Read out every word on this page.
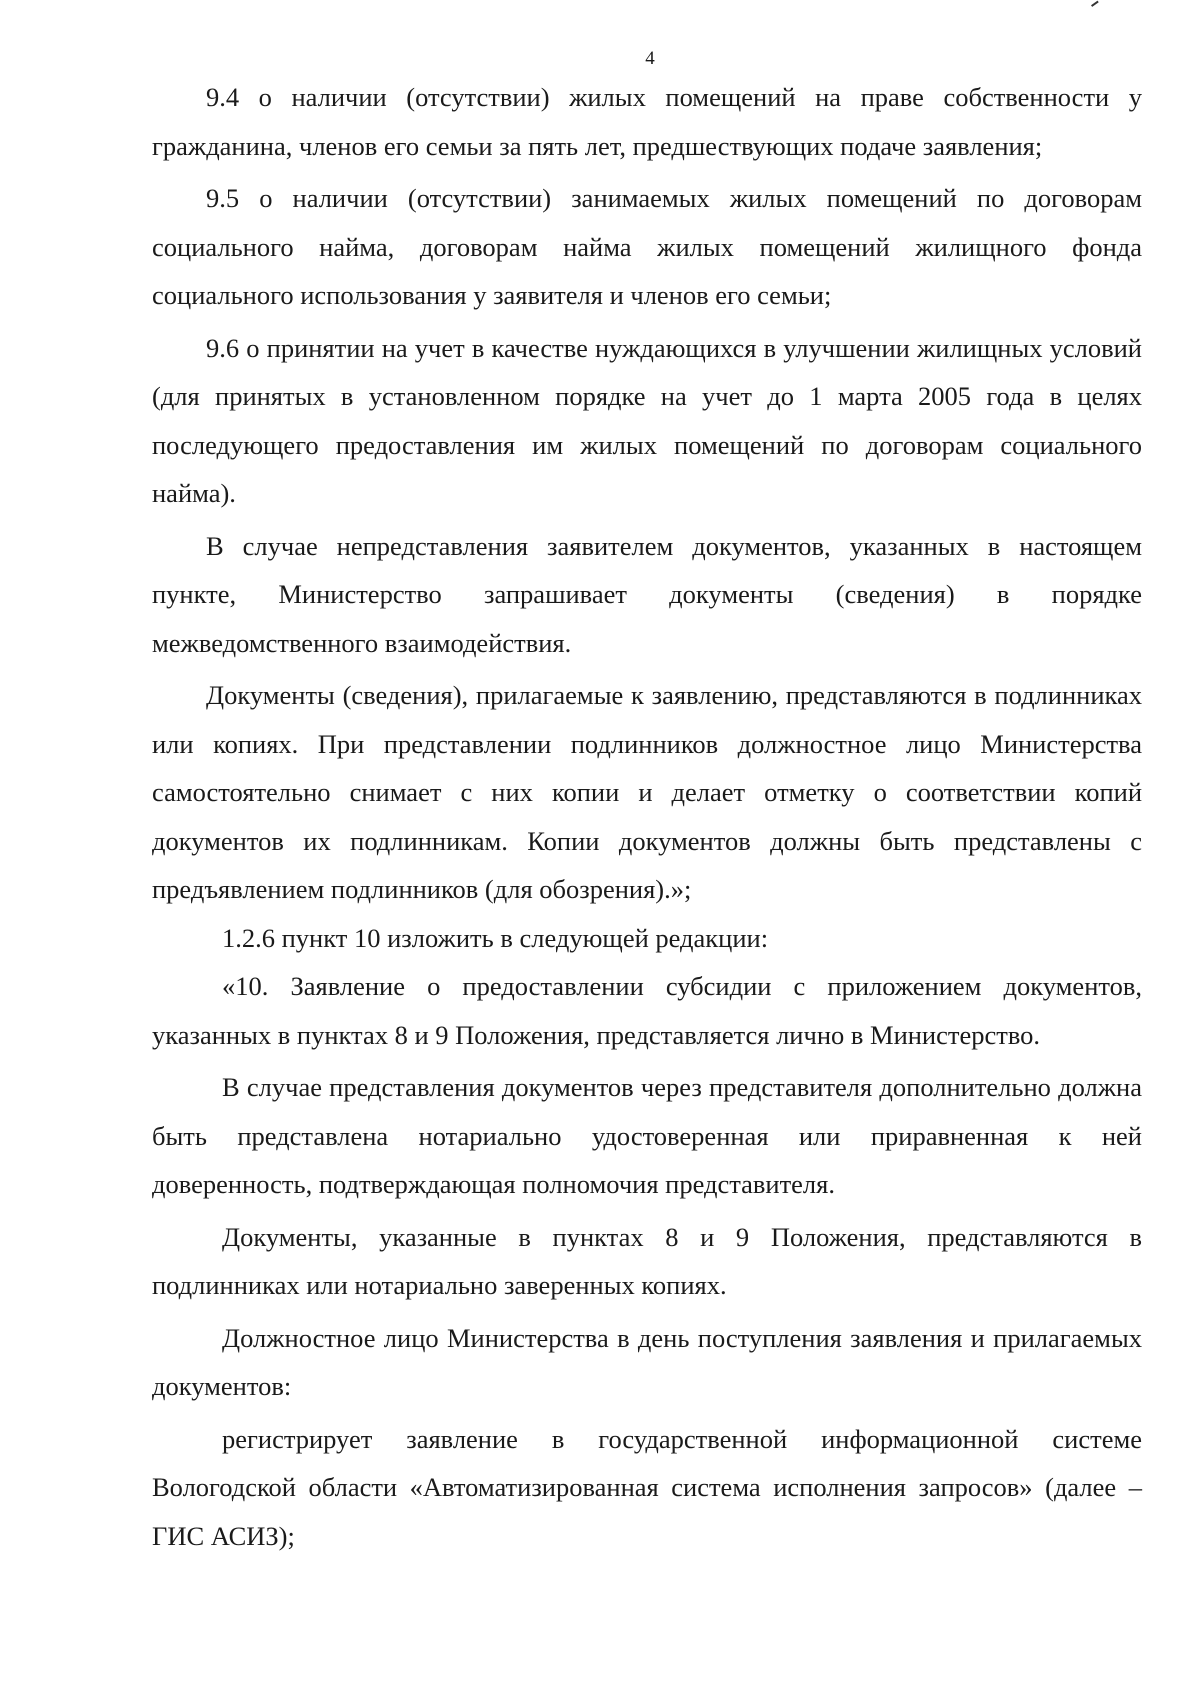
4

9.4 о наличии (отсутствии) жилых помещений на праве собственности у гражданина, членов его семьи за пять лет, предшествующих подаче заявления;

9.5 о наличии (отсутствии) занимаемых жилых помещений по договорам социального найма, договорам найма жилых помещений жилищного фонда социального использования у заявителя и членов его семьи;

9.6 о принятии на учет в качестве нуждающихся в улучшении жилищных условий (для принятых в установленном порядке на учет до 1 марта 2005 года в целях последующего предоставления им жилых помещений по договорам социального найма).

В случае непредставления заявителем документов, указанных в настоящем пункте, Министерство запрашивает документы (сведения) в порядке межведомственного взаимодействия.

Документы (сведения), прилагаемые к заявлению, представляются в подлинниках или копиях. При представлении подлинников должностное лицо Министерства самостоятельно снимает с них копии и делает отметку о соответствии копий документов их подлинникам. Копии документов должны быть представлены с предъявлением подлинников (для обозрения).»;

1.2.6 пункт 10 изложить в следующей редакции:

«10. Заявление о предоставлении субсидии с приложением документов, указанных в пунктах 8 и 9 Положения, представляется лично в Министерство.

В случае представления документов через представителя дополнительно должна быть представлена нотариально удостоверенная или приравненная к ней доверенность, подтверждающая полномочия представителя.

Документы, указанные в пунктах 8 и 9 Положения, представляются в подлинниках или нотариально заверенных копиях.

Должностное лицо Министерства в день поступления заявления и прилагаемых документов:

регистрирует заявление в государственной информационной системе Вологодской области «Автоматизированная система исполнения запросов» (далее – ГИС АСИЗ);
